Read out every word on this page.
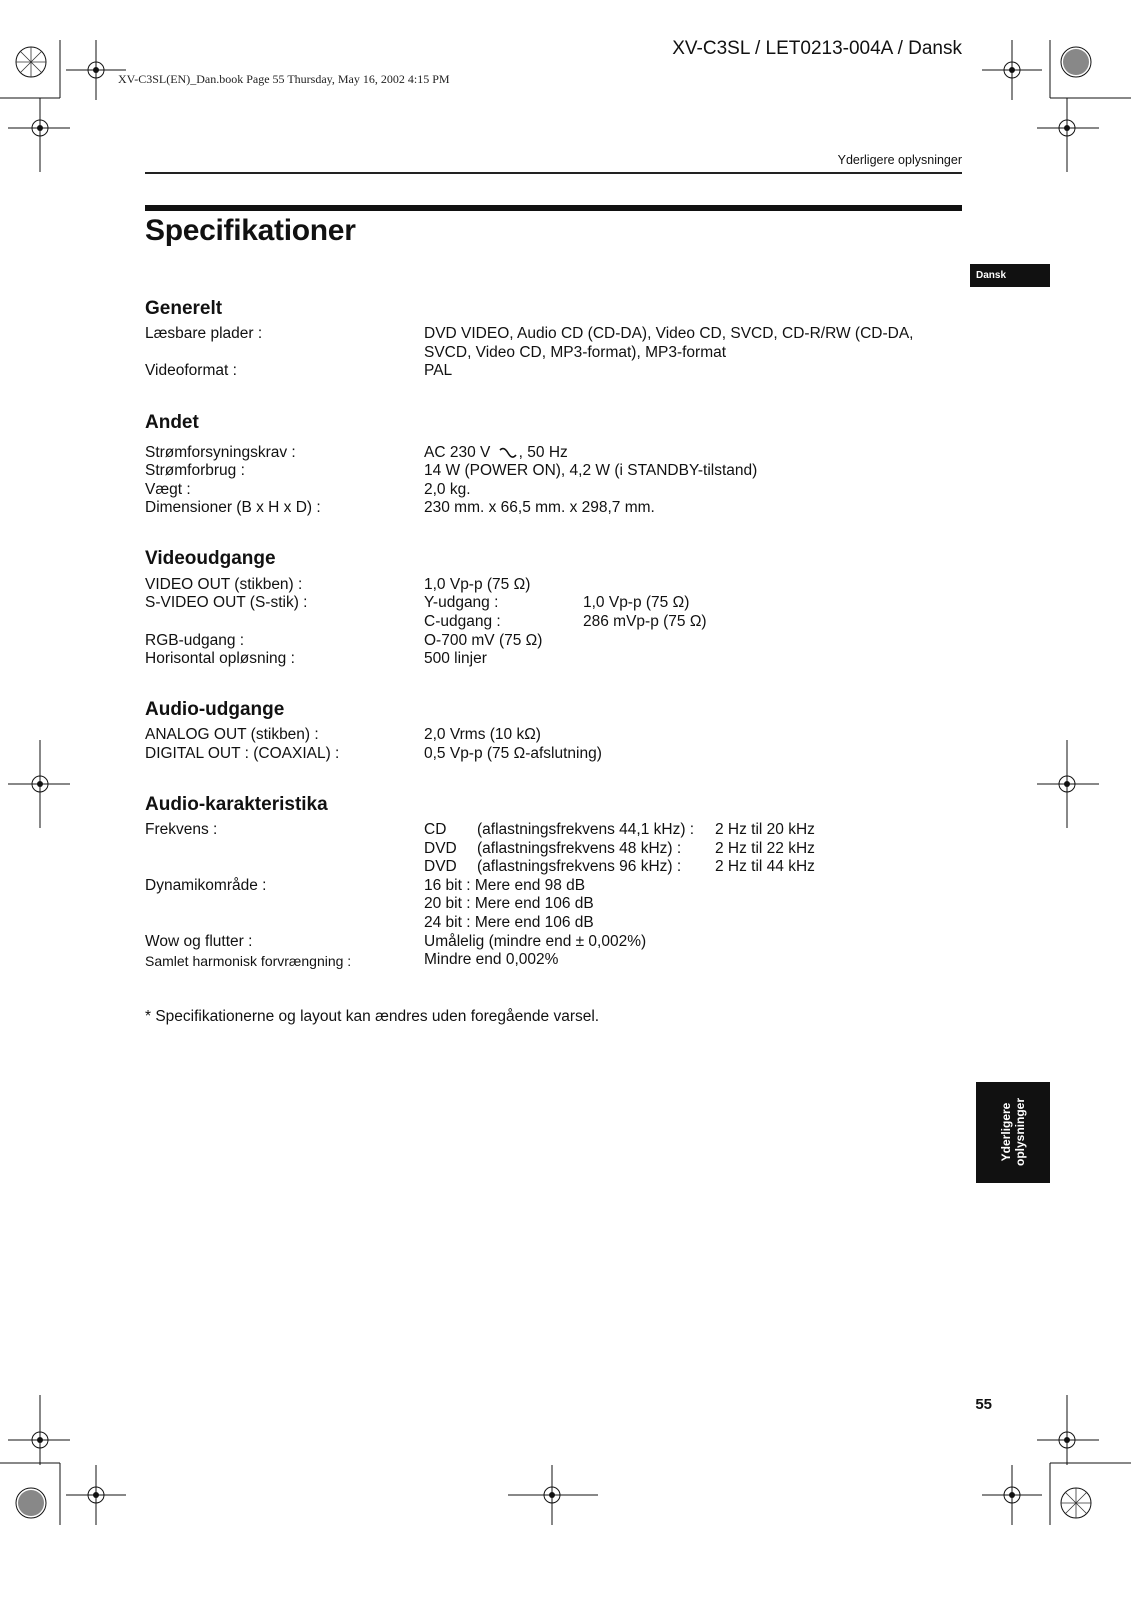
XV-C3SL / LET0213-004A / Dansk
XV-C3SL(EN)_Dan.book Page 55 Thursday, May 16, 2002 4:15 PM
Yderligere oplysninger
Specifikationer
Dansk
Yderligere oplysninger
Generelt
Læsbare plader :	DVD VIDEO, Audio CD (CD-DA), Video CD, SVCD, CD-R/RW (CD-DA,
SVCD, Video CD, MP3-format), MP3-format
Videoformat :	PAL
Andet
Strømforsyningskrav :	AC 230 V , 50 Hz
Strømforbrug :	14 W (POWER ON), 4,2 W (i STANDBY-tilstand)
Vægt :	2,0 kg.
Dimensioner (B x H x D) :	230 mm. x 66,5 mm. x 298,7 mm.
Videoudgange
VIDEO OUT (stikben) :	1,0 Vp-p (75 Ω)
S-VIDEO OUT (S-stik) :	Y-udgang :	1,0 Vp-p (75 Ω)
C-udgang :	286 mVp-p (75 Ω)
RGB-udgang :	O-700 mV (75 Ω)
Horisontal opløsning :	500 linjer
Audio-udgange
ANALOG OUT (stikben) :	2,0 Vrms (10 kΩ)
DIGITAL OUT : (COAXIAL) :	0,5 Vp-p (75 Ω-afslutning)
Audio-karakteristika
Frekvens :	CD (aflastningsfrekvens 44,1 kHz) : 2 Hz til 20 kHz
DVD (aflastningsfrekvens 48 kHz) : 2 Hz til 22 kHz
DVD (aflastningsfrekvens 96 kHz) : 2 Hz til 44 kHz
Dynamikområde :	16 bit : Mere end 98 dB
20 bit : Mere end 106 dB
24 bit : Mere end 106 dB
Wow og flutter :	Umålelig (mindre end ± 0,002%)
Samlet harmonisk forvrængning :	Mindre end 0,002%
* Specifikationerne og layout kan ændres uden foregående varsel.
55
